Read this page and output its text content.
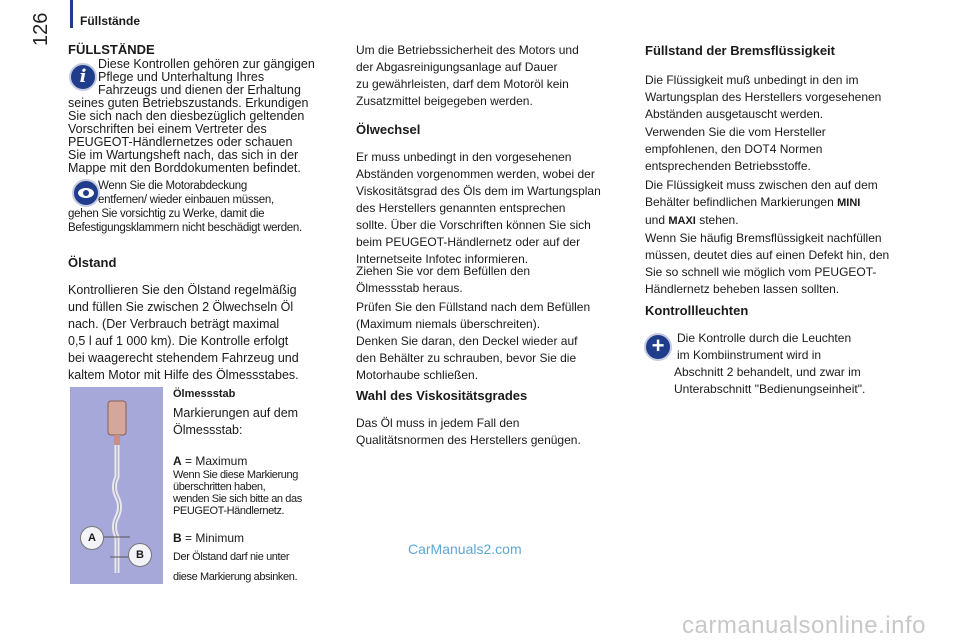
Füllstände
126
FÜLLSTÄNDE
i
Diese Kontrollen gehören zur gängigen
Pflege und Unterhaltung Ihres
Fahrzeugs und dienen der Erhaltung
seines guten Betriebszustands. Erkundigen
Sie sich nach den diesbezüglich geltenden
Vorschriften bei einem Vertreter des
PEUGEOT-Händlernetzes oder schauen
Sie im Wartungsheft nach, das sich in der
Mappe mit den Borddokumenten befindet.
Wenn Sie die Motorabdeckung
entfernen/ wieder einbauen müssen,
gehen Sie vorsichtig zu Werke, damit die
Befestigungsklammern nicht beschädigt werden.
Ölstand
Kontrollieren Sie den Ölstand regelmäßig
und füllen Sie zwischen 2 Ölwechseln Öl
nach. (Der Verbrauch beträgt maximal
0,5 l auf 1 000 km). Die Kontrolle erfolgt
bei waagerecht stehendem Fahrzeug und
kaltem Motor mit Hilfe des Ölmessstabes.
A
B
Ölmessstab
Markierungen auf dem
Ölmessstab:
A = Maximum
Wenn Sie diese Markierung
überschritten haben,
wenden Sie sich bitte an das
PEUGEOT-Händlernetz.
B = Minimum
Der Ölstand darf nie unter
diese Markierung absinken.
Um die Betriebssicherheit des Motors und
der Abgasreinigungsanlage auf Dauer
zu gewährleisten, darf dem Motoröl kein
Zusatzmittel beigegeben werden.
Ölwechsel
Er muss unbedingt in den vorgesehenen
Abständen vorgenommen werden, wobei der
Viskositätsgrad des Öls dem im Wartungsplan
des Herstellers genannten entsprechen
sollte. Über die Vorschriften können Sie sich
beim PEUGEOT-Händlernetz oder auf der
Internetseite Infotec informieren.
Ziehen Sie vor dem Befüllen den
Ölmessstab heraus.
Prüfen Sie den Füllstand nach dem Befüllen
(Maximum niemals überschreiten).
Denken Sie daran, den Deckel wieder auf
den Behälter zu schrauben, bevor Sie die
Motorhaube schließen.
Wahl des Viskositätsgrades
Das Öl muss in jedem Fall den
Qualitätsnormen des Herstellers genügen.
Füllstand der Bremsflüssigkeit
Die Flüssigkeit muß unbedingt in den im
Wartungsplan des Herstellers vorgesehenen
Abständen ausgetauscht werden.
Verwenden Sie die vom Hersteller
empfohlenen, den DOT4 Normen
entsprechenden Betriebsstoffe.
Die Flüssigkeit muss zwischen den auf dem
Behälter befindlichen Markierungen MINI
und MAXI stehen.
Wenn Sie häufig Bremsflüssigkeit nachfüllen
müssen, deutet dies auf einen Defekt hin, den
Sie so schnell wie möglich vom PEUGEOT-
Händlernetz beheben lassen sollten.
Kontrollleuchten
+	Die Kontrolle durch die Leuchten
im Kombiinstrument wird in
Abschnitt 2 behandelt, und zwar im
Unterabschnitt "Bedienungseinheit".
CarManuals2.com
carmanualsonline.info
